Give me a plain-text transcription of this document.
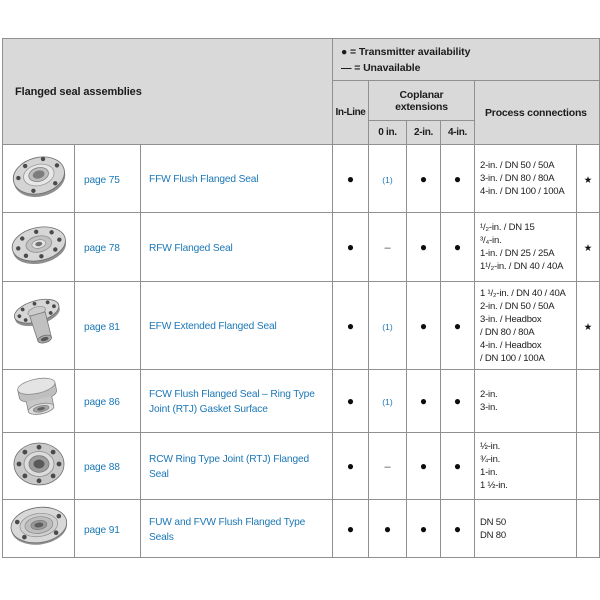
Flanged seal assemblies			● = Transmitter availability
— = Unavailable					

			In-Line	Coplanar extensions			Process connections	
				0 in.	2-in.	4-in.		
	page 75	FFW Flush Flanged Seal	●	(1)	●	●	2-in. / DN 50 / 50A
3-in. / DN 80 / 80A
4-in. / DN 100 / 100A	★
	page 78	RFW Flanged Seal	●	–	●	●	¹/₂-in. / DN 15
³/₄-in.
1-in. / DN 25 / 25A
1¹/₂-in. / DN 40 / 40A	★
	page 81	EFW Extended Flanged Seal	●	(1)	●	●	
1 ¹/₂-in. / DN 40 / 40A
2-in. / DN 50 / 50A
3-in. / Headbox
/ DN 80 / 80A
4-in. / Headbox
/ DN 100 / 100A
	★
	page 86	FCW Flush Flanged Seal – Ring Type Joint (RTJ) Gasket Surface	●	(1)	●	●	2-in.
3-in.	

	page 88	RCW Ring Type Joint (RTJ) Flanged Seal	●	–	●	●	½-in.
¾-in.
1-in.
1 ½-in.	

	page 91	FUW and FVW Flush Flanged Type Seals	●	●	●	●	DN 50
DN 80	
